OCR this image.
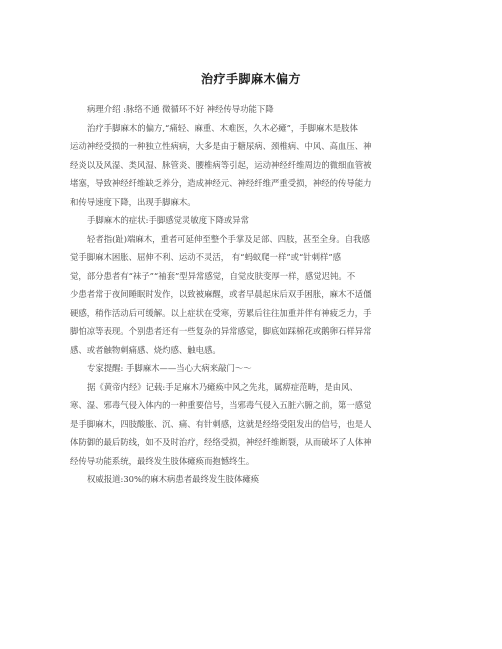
治疗手脚麻木偏方
病理介绍 :脉络不通 微循环不好 神经传导功能下降
治疗手脚麻木的偏方,“痛轻、麻重、木难医，久木必瘫”，手脚麻木是肢体
运动神经受损的一种独立性病病，大多是由于糖尿病、颈椎病、中风、高血压、神
经炎以及风湿、类风湿、脉管炎、腰椎病等引起，运动神经纤维周边的微细血管被
堵塞，导致神经纤维缺乏养分，造成神经元、神经纤维严重受损，神经的传导能力
和传导速度下降，出现手脚麻木。
手脚麻木的症状:手脚感觉灵敏度下降或异常
轻者指(趾)端麻木，重者可延伸至整个手掌及足部、四肢，甚至全身。自我感
觉手脚麻木困胀、屈伸不利、运动不灵活， 有“蚂蚁爬一样”或“针刺样”感
觉，部分患者有“袜子”“袖套”型异常感觉，自觉皮肤变厚一样，感觉迟钝。不
少患者常于夜间睡眠时发作，以致被麻醒，或者早晨起床后双手困胀，麻木不适僵
硬感，稍作活动后可缓解。以上症状在受寒，劳累后往往加重并伴有神疲乏力，手
脚怕凉等表现。个别患者还有一些复杂的异常感觉，脚底如踩棉花或鹅卵石样异常
感、或者触物刺痛感、烧灼感、触电感。
专家提醒: 手脚麻木——当心大病来敲门～～
据《黄帝内经》记载:手足麻木乃瘫痪中风之先兆，属痹症范畴，是由风、
寒、湿、邪毒气侵入体内的一种重要信号，当邪毒气侵入五脏六腑之前，第一感觉
是手脚麻木，四肢酸胀、沉、痛、有针刺感，这就是经络受阻发出的信号，也是人
体防御的最后防线，如不及时治疗，经络受损，神经纤维断裂，从而破坏了人体神
经传导功能系统，最终发生肢体瘫痪而抱憾终生。
权威报道:30%的麻木病患者最终发生肢体瘫痪
